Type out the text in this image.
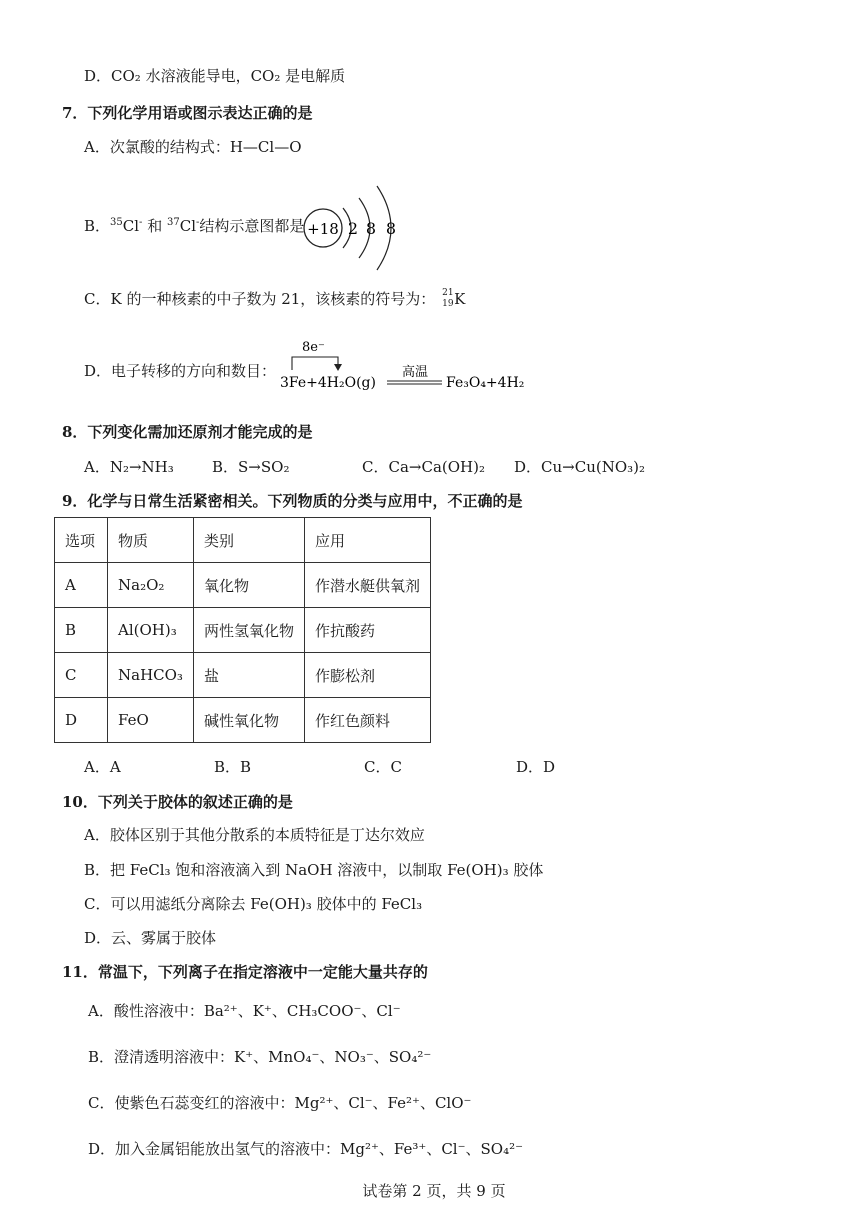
D．CO₂ 水溶液能导电，CO₂ 是电解质
7．下列化学用语或图示表达正确的是
A．次氯酸的结构式：H—Cl—O
B．$^{35}$Cl- 和 $^{37}$Cl-结构示意图都是 +18 2 8 8
C．K 的一种核素的中子数为 21，该核素的符号为： 21
19 K
D．电子转移的方向和数目：
8e⁻
3Fe+4H₂O(g)
高温
Fe₃O₄+4H₂
8．下列变化需加还原剂才能完成的是
A．N₂→NH₃	B．S→SO₂	C．Ca→Ca(OH)₂ D．Cu→Cu(NO₃)₂
9．化学与日常生活紧密相关。下列物质的分类与应用中，不正确的是
选项	物质	类别	应用
A	Na₂O₂	氧化物	作潜水艇供氧剂
B	Al(OH)₃	两性氢氧化物	作抗酸药
C	NaHCO₃	盐	作膨松剂
D	FeO	碱性氧化物	作红色颜料
A．A	B．B	C．C	D．D
10．下列关于胶体的叙述正确的是
A．胶体区别于其他分散系的本质特征是丁达尔效应
B．把 FeCl₃ 饱和溶液滴入到 NaOH 溶液中，以制取 Fe(OH)₃ 胶体
C．可以用滤纸分离除去 Fe(OH)₃ 胶体中的 FeCl₃
D．云、雾属于胶体
11．常温下，下列离子在指定溶液中一定能大量共存的
A．酸性溶液中：Ba²⁺、K⁺、CH₃COO⁻、Cl⁻
B．澄清透明溶液中：K⁺、MnO₄⁻、NO₃⁻、SO₄²⁻
C．使紫色石蕊变红的溶液中：Mg²⁺、Cl⁻、Fe²⁺、ClO⁻
D．加入金属铝能放出氢气的溶液中：Mg²⁺、Fe³⁺、Cl⁻、SO₄²⁻
试卷第 2 页，共 9 页
